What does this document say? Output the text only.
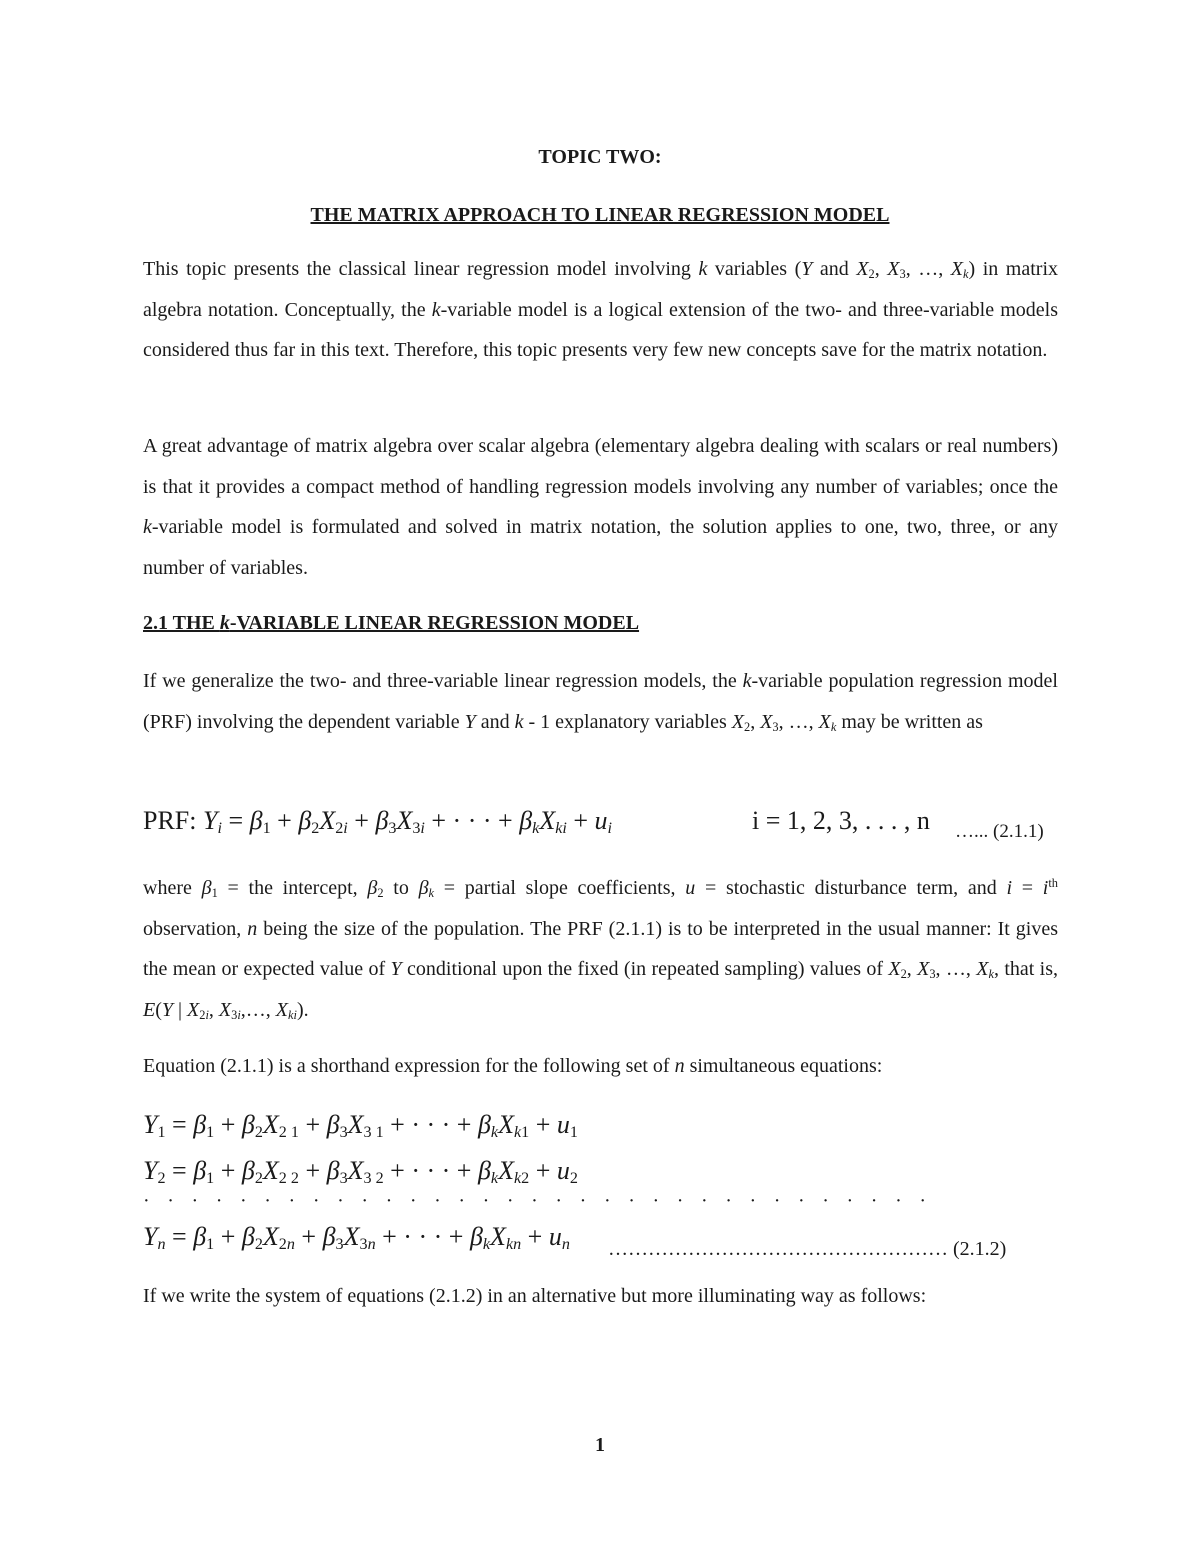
TOPIC TWO:
THE MATRIX APPROACH TO LINEAR REGRESSION MODEL

This topic presents the classical linear regression model involving k variables (Y and $X_2$, $X_3$, …, $X_k$) in matrix algebra notation. Conceptually, the k-variable model is a logical extension of the two- and three-variable models considered thus far in this text. Therefore, this topic presents very few new concepts save for the matrix notation.

A great advantage of matrix algebra over scalar algebra (elementary algebra dealing with scalars or real numbers) is that it provides a compact method of handling regression models involving any number of variables; once the k-variable model is formulated and solved in matrix notation, the solution applies to one, two, three, or any number of variables.

2.1 THE k-VARIABLE LINEAR REGRESSION MODEL

If we generalize the two- and three-variable linear regression models, the k-variable population regression model (PRF) involving the dependent variable Y and k - 1 explanatory variables $X_2$, $X_3$, …, $X_k$ may be written as

PRF: $Y_i = \beta_1 + \beta_2X_{2i} + \beta_3X_{3i}$ + · · · + $\beta_kX_{ki} + u_i$	i = 1, 2, 3, . . . , n …... (2.1.1)

where $\beta_1$ = the intercept, $\beta_2$ to $\beta_k$ = partial slope coefficients, u = stochastic disturbance term, and $i = i^{th}$ observation, n being the size of the population. The PRF (2.1.1) is to be interpreted in the usual manner: It gives the mean or expected value of Y conditional upon the fixed (in repeated sampling) values of $X_2$, $X_3$, …, $X_k$, that is, E(Y | $X_{2i}$, $X_{3i},\dots$, $X_{ki}$).

Equation (2.1.1) is a shorthand expression for the following set of n simultaneous equations:

$Y_1 = \beta_1 + \beta_2X_{2 1} + \beta_3X_{3 1}$ + · · · + $\beta_kX_{k1} + u_1$
$Y_2 = \beta_1 + \beta_2X_{2 2} + \beta_3X_{3 2}$ + · · · + $\beta_kX_{k2} + u_2$
· · · · · · · · · · · · · · · · · · · · · · · · · · · · · · · · ·
$Y_n = \beta_1 + \beta_2X_{2n} + \beta_3X_{3n}$ + · · · + $\beta_kX_{kn} + u_n$ …………………………………………… (2.1.2)

If we write the system of equations (2.1.2) in an alternative but more illuminating way as follows:

1
